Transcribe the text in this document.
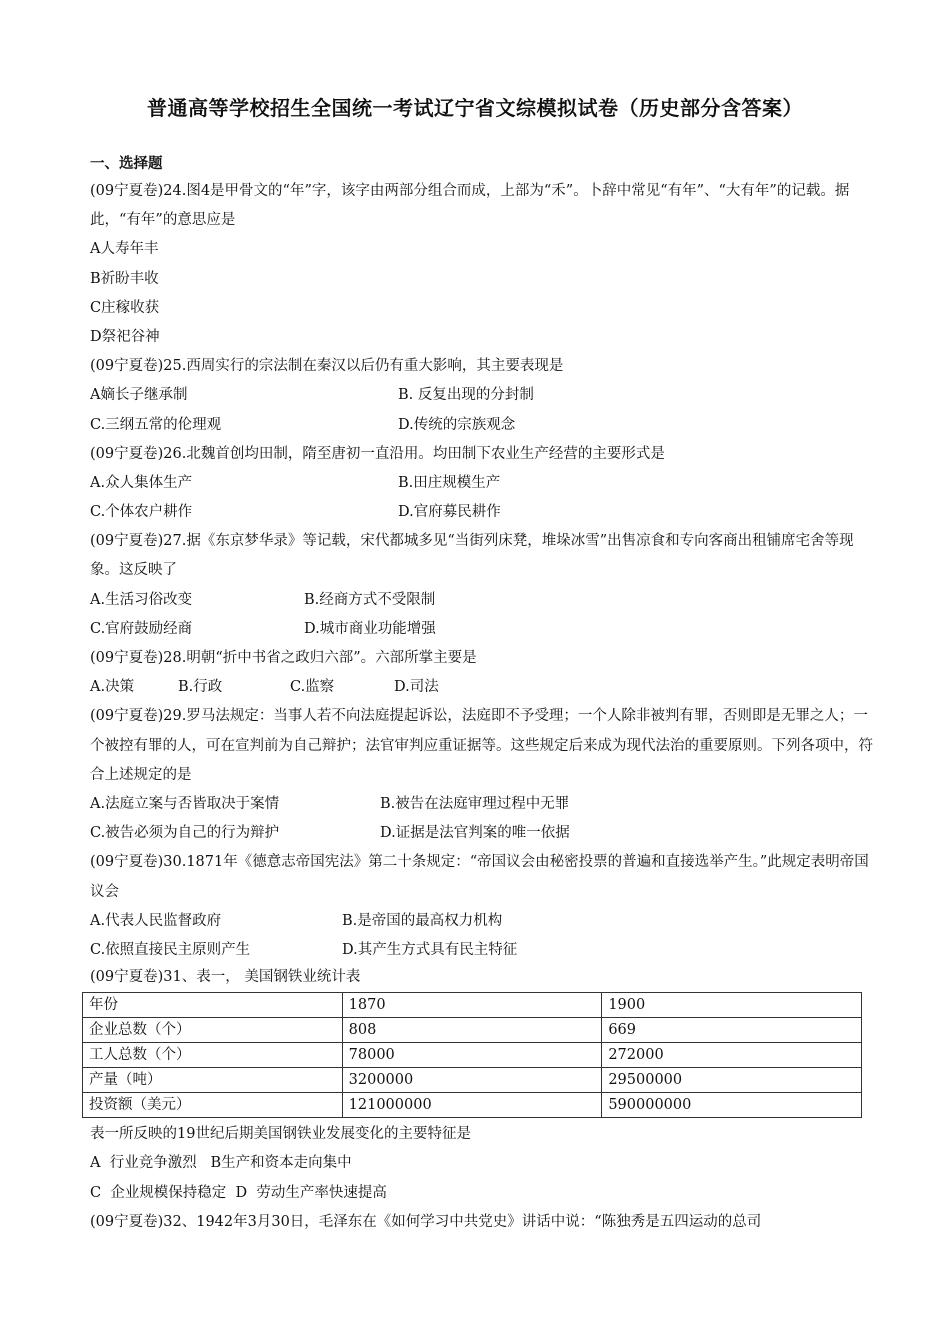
普通高等学校招生全国统一考试辽宁省文综模拟试卷（历史部分含答案）
一、选择题
(09宁夏卷)24.图4是甲骨文的“年”字，该字由两部分组合而成，上部为“禾”。卜辞中常见“有年”、“大有年”的记载。据此，“有年”的意思应是
A人寿年丰
B祈盼丰收
C庄稼收获
D祭祀谷神
(09宁夏卷)25.西周实行的宗法制在秦汉以后仍有重大影响，其主要表现是
A嫡长子继承制	B. 反复出现的分封制
C.三纲五常的伦理观	D.传统的宗族观念
(09宁夏卷)26.北魏首创均田制，隋至唐初一直沿用。均田制下农业生产经营的主要形式是
A.众人集体生产	B.田庄规模生产
C.个体农户耕作	D.官府募民耕作
(09宁夏卷)27.据《东京梦华录》等记载，宋代都城多见“当街列床凳，堆垛冰雪”出售凉食和专向客商出租铺席宅舍等现象。这反映了
A.生活习俗改变	B.经商方式不受限制
C.官府鼓励经商	D.城市商业功能增强
(09宁夏卷)28.明朝“折中书省之政归六部”。六部所掌主要是
A.决策	B.行政	C.监察	D.司法
(09宁夏卷)29.罗马法规定：当事人若不向法庭提起诉讼，法庭即不予受理；一个人除非被判有罪，否则即是无罪之人；一个被控有罪的人，可在宣判前为自己辩护；法官审判应重证据等。这些规定后来成为现代法治的重要原则。下列各项中，符合上述规定的是
A.法庭立案与否皆取决于案情	B.被告在法庭审理过程中无罪
C.被告必须为自己的行为辩护	D.证据是法官判案的唯一依据
(09宁夏卷)30.1871年《德意志帝国宪法》第二十条规定：“帝国议会由秘密投票的普遍和直接选举产生。”此规定表明帝国议会
A.代表人民监督政府	B.是帝国的最高权力机构
C.依照直接民主原则产生	D.其产生方式具有民主特征
(09宁夏卷)31、表一， 美国钢铁业统计表
年份	1870	1900
企业总数（个）	808	669
工人总数（个）	78000	272000
产量（吨）	3200000	29500000
投资额（美元）	121000000	590000000
表一所反映的19世纪后期美国钢铁业发展变化的主要特征是
A  行业竞争激烈   B生产和资本走向集中
C  企业规模保持稳定  D  劳动生产率快速提高
(09宁夏卷)32、1942年3月30日，毛泽东在《如何学习中共党史》讲话中说：“陈独秀是五四运动的总司
